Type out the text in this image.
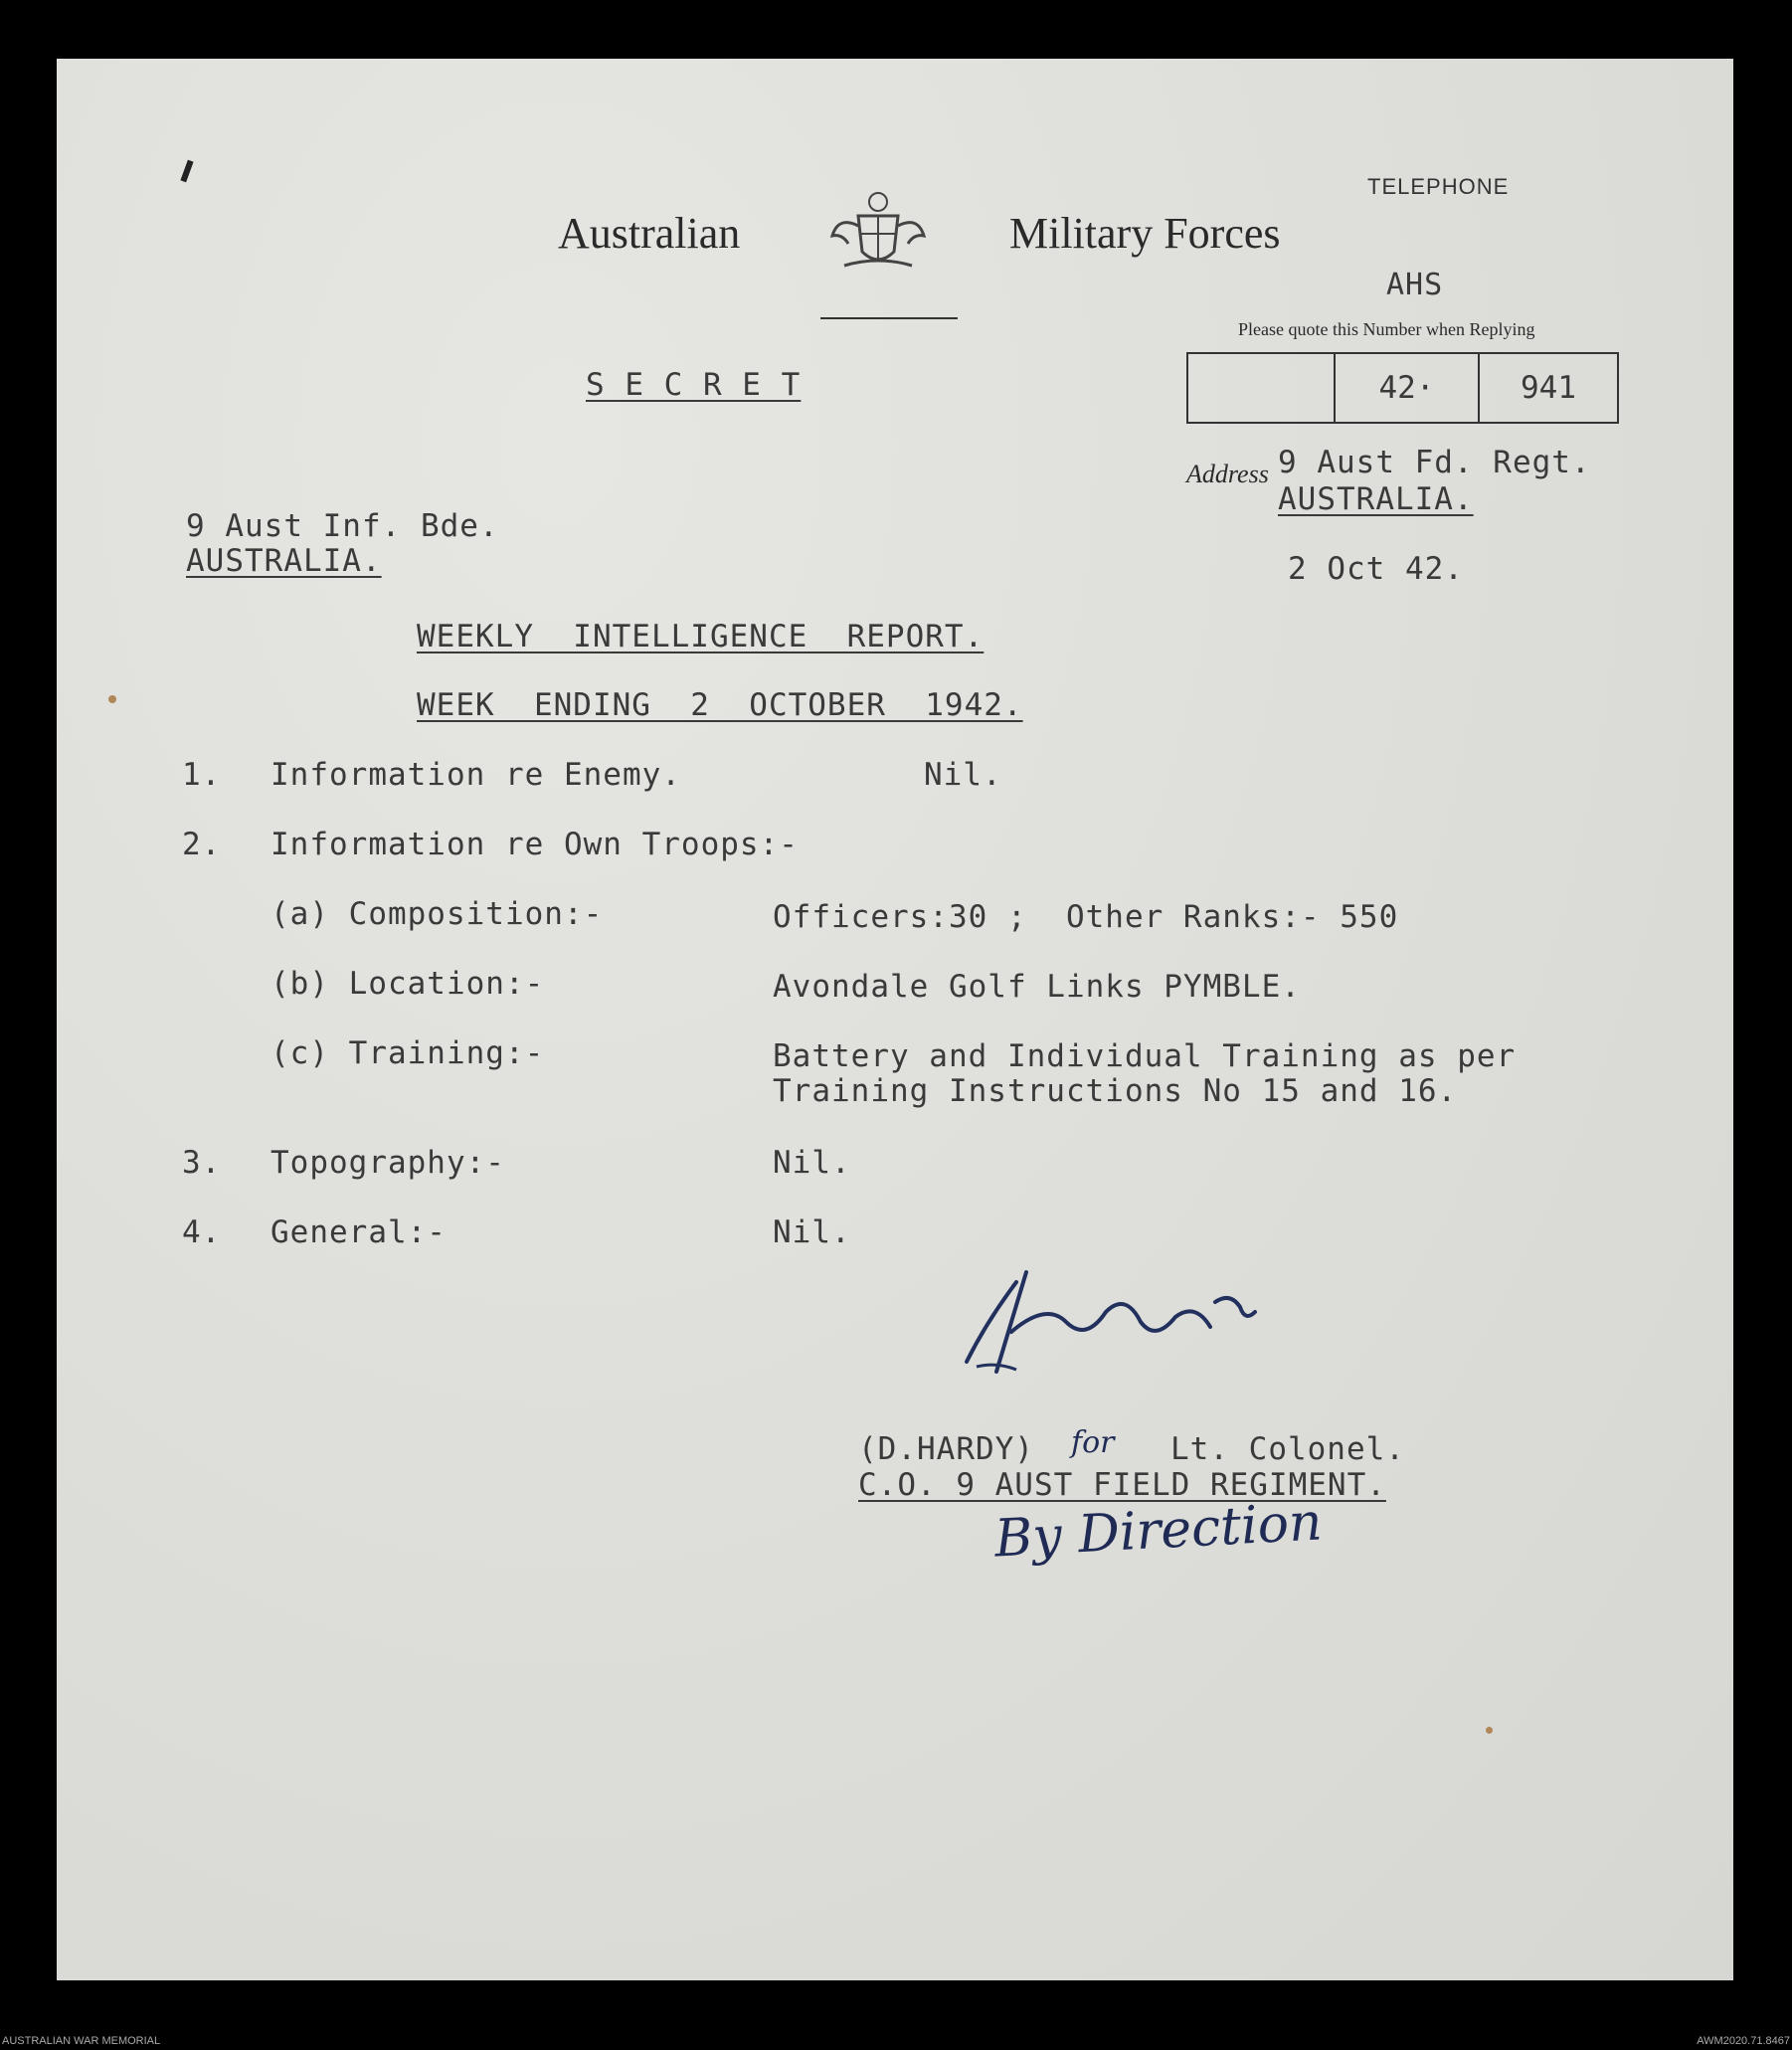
Australian	Military Forces
TELEPHONE
AHS
Please quote this Number when Replying
42·	941
Address 9 Aust Fd. Regt.
AUSTRALIA.
2 Oct 42.
S E C R E T
9 Aust Inf. Bde.
AUSTRALIA.
WEEKLY  INTELLIGENCE  REPORT.
WEEK  ENDING  2  OCTOBER  1942.
1. Information re Enemy.	Nil.
2. Information re Own Troops:-
(a) Composition:-	Officers:30 ;  Other Ranks:- 550
(b) Location:-	Avondale Golf Links PYMBLE.
(c) Training:-	Battery and Individual Training as per
Training Instructions No 15 and 16.
3. Topography:-	Nil.
4. General:-	Nil.
(D.HARDY) for Lt. Colonel.
C.O. 9 AUST FIELD REGIMENT.
By Direction
AUSTRALIAN WAR MEMORIAL	AWM2020.71.8467
